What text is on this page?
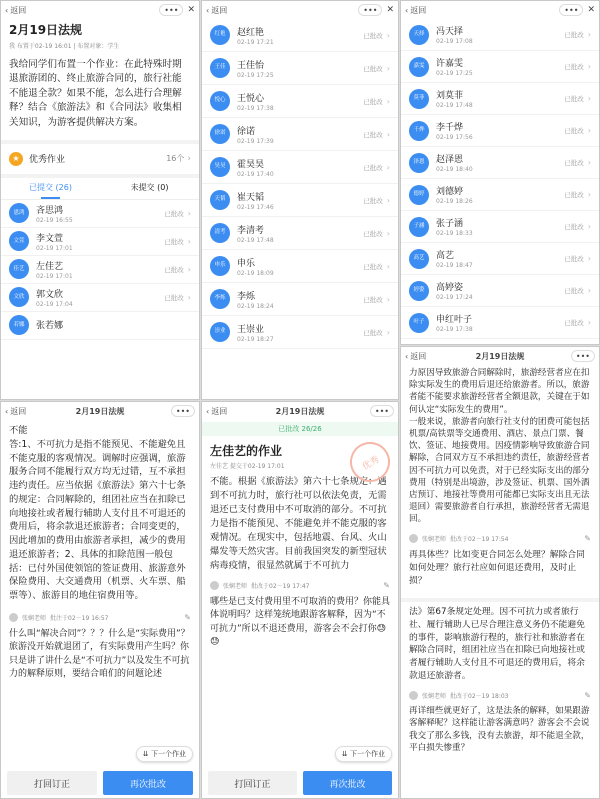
‹ 返回	•••	✕
2月19日法规
我 布置于02-19 16:01 | 布置对象：学生
我给同学们布置一个作业：在此特殊时期退旅游团的、终止旅游合同的，旅行社能不能退全款？如果不能，怎么进行合理解释？结合《旅游法》和《合同法》收集相关知识，为游客提供解决方案。
★	优秀作业	16个 ›
已提交 (26)	未提交 (0)
恩鸿	吝思鸿
02-19 16:55
已批改 ›
文萱	李文萱
02-19 17:01
已批改 ›
佳艺	左佳艺
02-19 17:01
已批改 ›
文欣	郭文欣
02-19 17:04
已批改 ›
若娜	张若娜
‹ 返回	•••	✕
红艳	赵红艳
02-19 17:21
已批改 ›
王佳	王佳怡
02-19 17:25
已批改 ›
悦心	王悦心
02-19 17:38
已批改 ›
徐诺	徐诺
02-19 17:39
已批改 ›
昊昊	霍昊昊
02-19 17:40
已批改 ›
天韬	崔天韬
02-19 17:46
已批改 ›
清考	李清考
02-19 17:48
已批改 ›
申乐	申乐
02-19 18:09
已批改 ›
李烁	李烁
02-19 18:24
已批改 ›
崇业	王崇业
02-19 18:27
已批改 ›
‹ 返回	•••	✕
天择	冯天择
02-19 17:08
已批改 ›
嘉雯	许嘉雯
02-19 17:25
已批改 ›
莫菲	刘莫菲
02-19 17:48
已批改 ›
千烨	李千烨
02-19 17:56
已批改 ›
泽恩	赵泽恩
02-19 18:40
已批改 ›
德婷	刘德婷
02-19 18:26
已批改 ›
子涵	张子涵
02-19 18:33
已批改 ›
高艺	高艺
02-19 18:47
已批改 ›
婷姿	高婷姿
02-19 17:24
已批改 ›
叶子	申红叶子
02-19 17:38
已批改 ›
‹ 返回	2月19日法规	•••
不能
答:1、不可抗力是指不能预见、不能避免且不能克服的客观情况。调解时应强调，旅游服务合同不能履行双方均无过错，互不承担违约责任。应当依据《旅游法》第六十七条的规定：合同解除的，组团社应当在扣除已向地接社或者履行辅助人支付且不可退还的费用后，将余款退还旅游者；合同变更的，因此增加的费用由旅游者承担，减少的费用退还旅游者；2、具体的扣除范围一般包括：已付外国使领馆的签证费用、旅游意外保险费用、大交通费用（机票、火车票、船票等）、旅游目的地住宿费用等。
张娴老师 批注于02－19 16:57	✎
什么叫“解决合同”？？？什么是“实际费用”？旅游没开始就退团了，有实际费用产生吗？你只是讲了讲什么是“不可抗力”以及发生不可抗力的解释原则，要结合咱们的问题论述
⇊ 下一个作业
打回订正	再次批改
‹ 返回	2月19日法规	•••
已批改 26/26
优秀
左佳艺的作业
左佳艺 提交于02-19 17:01
不能。根据《旅游法》第六十七条规定：遇到不可抗力时，旅行社可以依法免责，无需退还已支付费用中不可取消的部分。不可抗力是指不能预见、不能避免并不能克服的客观情况。在现实中，包括地震、台风、火山爆发等天然灾害。目前我国突发的新型冠状病毒疫情，很显然就属于不可抗力
张娴老师 批改于02－19 17:47	✎
哪些是已支付费用里不可取消的费用？你能具体说明吗？这样笼统地跟游客解释，因为“不可抗力”所以不退还费用，游客会不会打你😓😓
⇊ 下一个作业
打回订正	再次批改
‹ 返回	2月19日法规	•••
力原因导致旅游合同解除时，旅游经营者应在扣除实际发生的费用后退还给旅游者。所以，旅游者能不能要求旅游经营者全额退款，关键在于如何认定“实际发生的费用”。
一般来说，旅游者向旅行社支付的团费可能包括机票/高铁票等交通费用、酒店、景点门票、餐饮、签证、地接费用。因疫情影响导致旅游合同解除，合同双方互不承担违约责任，旅游经营者因不可抗力可以免责，对于已经实际支出的部分费用（特别是出境游，涉及签证、机票、国外酒店预订、地接社等费用可能都已实际支出且无法退回）需要旅游者自行承担，旅游经营者无需退回。
张娴老师 批改于02－19 17:54	✎
再具体些？比如变更合同怎么处理？解除合同如何处理？旅行社应如何退还费用，及时止损？
法》第67条规定处理。因不可抗力或者旅行社、履行辅助人已尽合理注意义务仍不能避免的事件，影响旅游行程的，旅行社和旅游者在解除合同时，组团社应当在扣除已向地接社或者履行辅助人支付且不可退还的费用后，将余款退还旅游者。
张娴老师 批改于02－19 18:03	✎
再详细些就更好了，这是法条的解释，如果跟游客解释呢？这样能让游客满意吗？游客会不会说我交了那么多钱，没有去旅游，却不能退全款，平白损失惨重？
